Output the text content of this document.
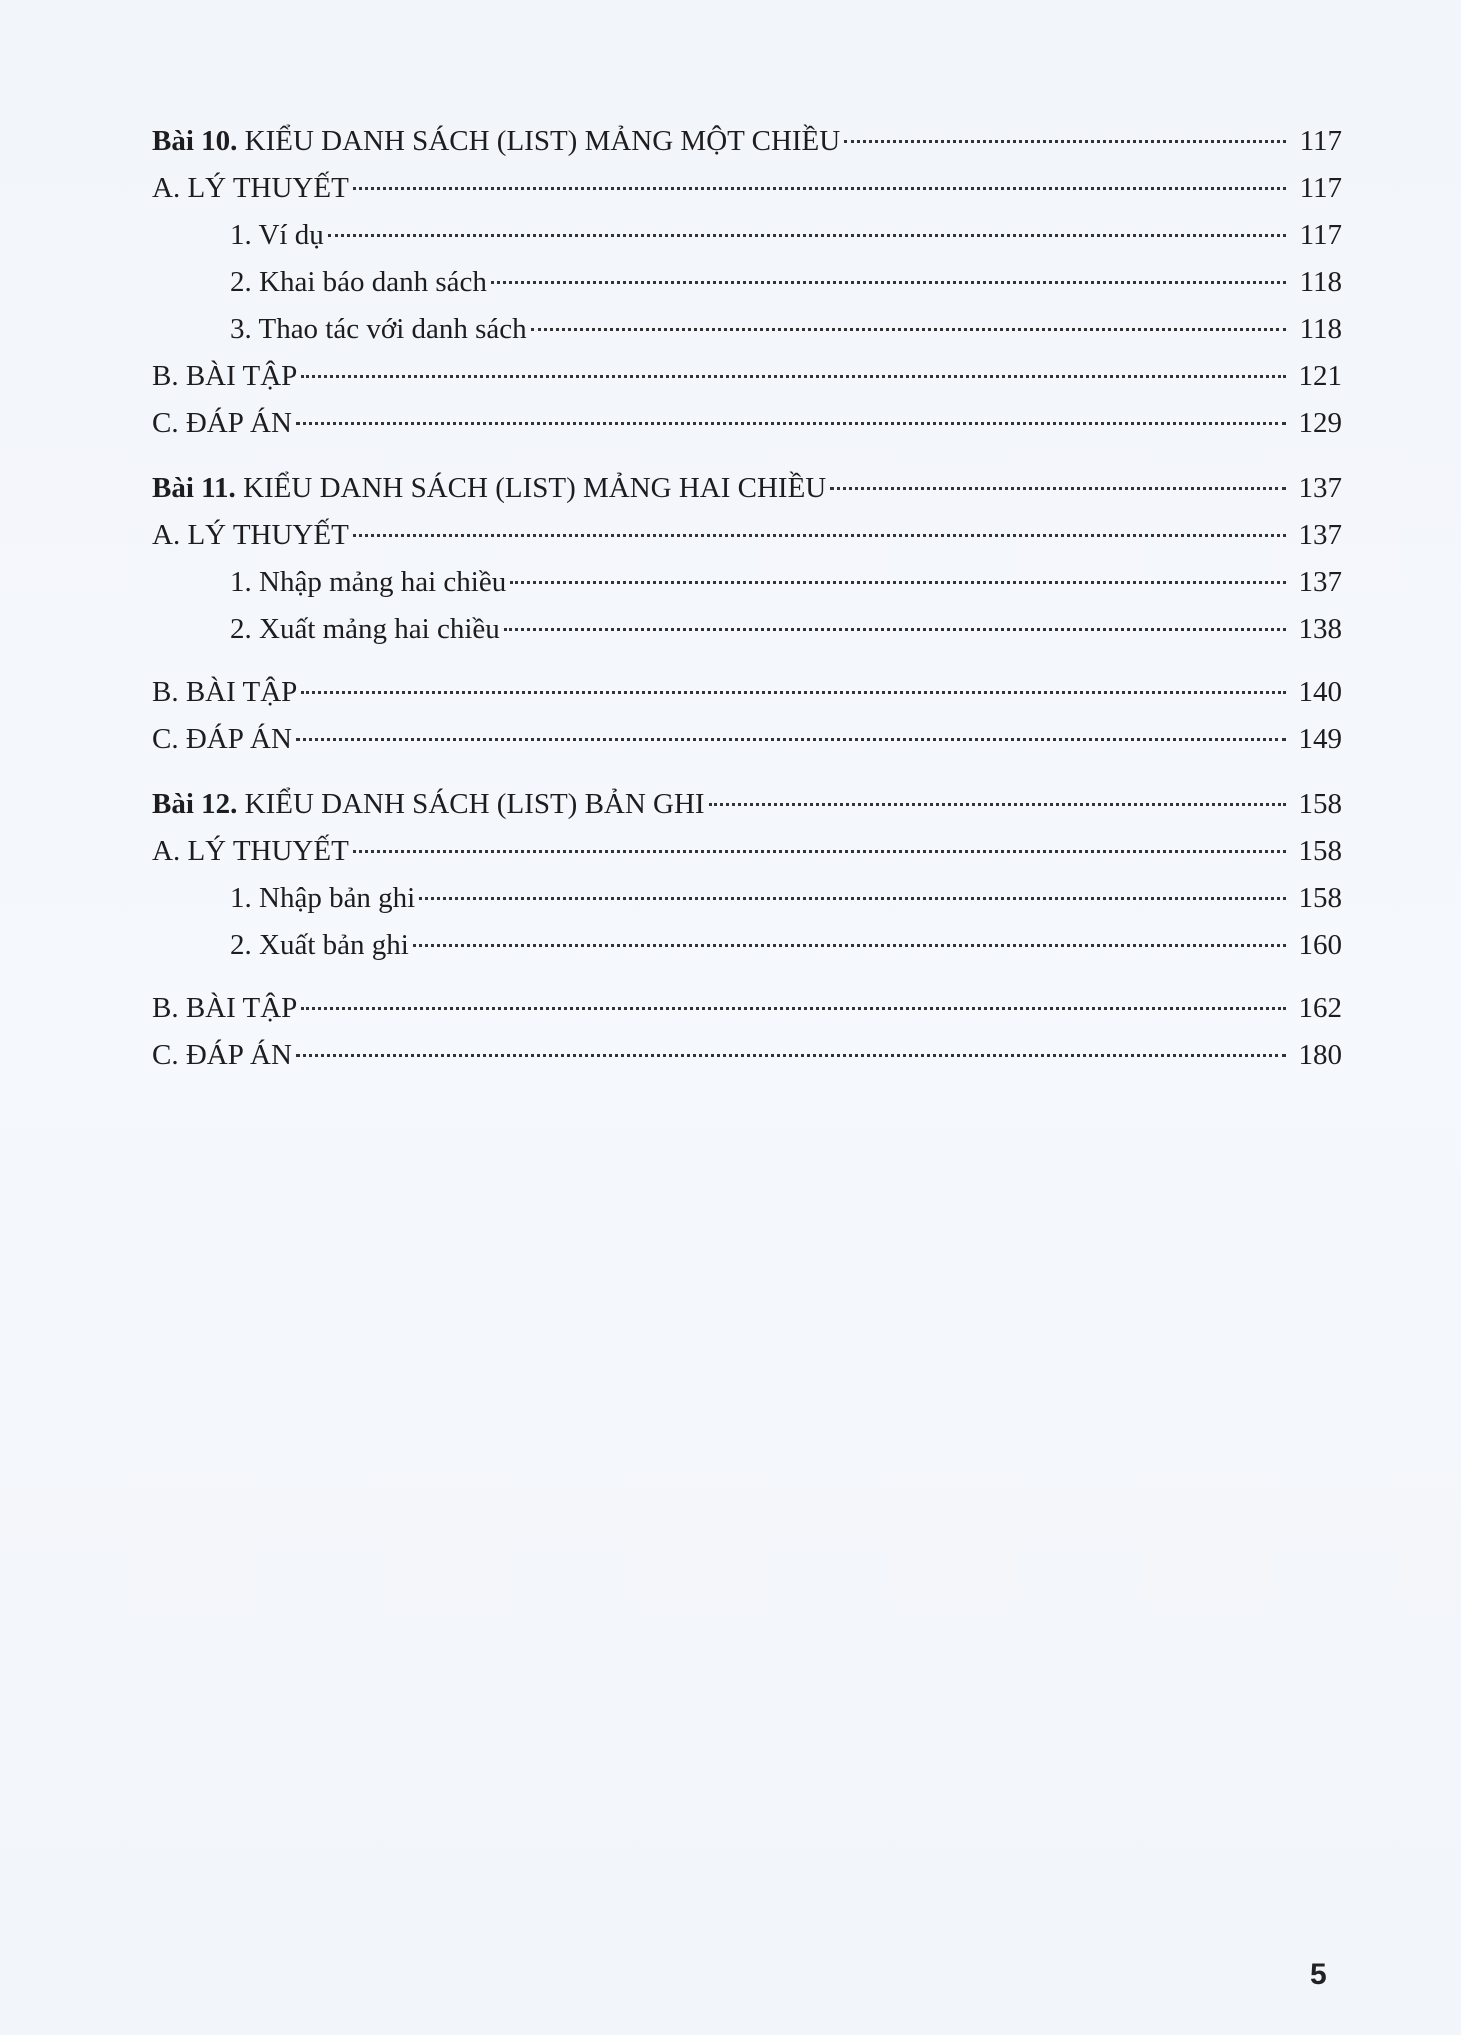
Bài 10. KIỂU DANH SÁCH (LIST) MẢNG MỘT CHIỀU	117
A. LÝ THUYẾT	117
1. Ví dụ	117
2. Khai báo danh sách	118
3. Thao tác với danh sách	118
B. BÀI TẬP	121
C. ĐÁP ÁN	129
Bài 11. KIỂU DANH SÁCH (LIST) MẢNG HAI CHIỀU	137
A. LÝ THUYẾT	137
1. Nhập mảng hai chiều	137
2. Xuất mảng hai chiều	138
B. BÀI TẬP	140
C. ĐÁP ÁN	149
Bài 12. KIỂU DANH SÁCH (LIST) BẢN GHI	158
A. LÝ THUYẾT	158
1. Nhập bản ghi	158
2. Xuất bản ghi	160
B. BÀI TẬP	162
C. ĐÁP ÁN	180
5
